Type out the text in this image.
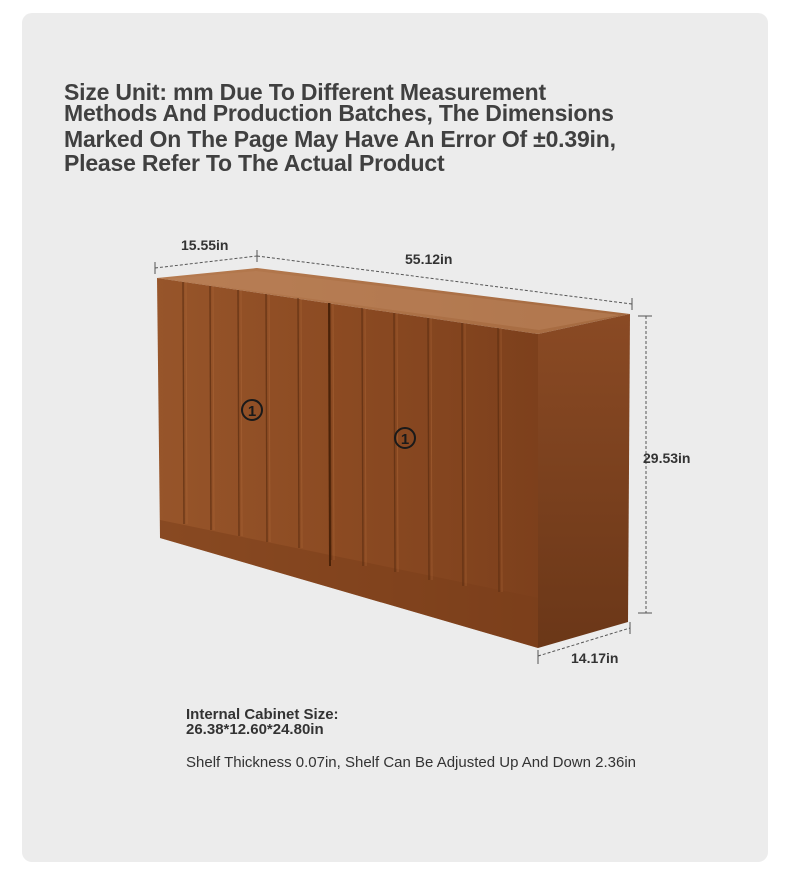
Size Unit: mm Due To Different Measurement
Methods And Production Batches, The Dimensions
Marked On The Page May Have An Error Of ±0.39in,
Please Refer To The Actual Product
1
1
15.55in
55.12in
29.53in
14.17in
Internal Cabinet Size:
26.38*12.60*24.80in
Shelf Thickness 0.07in, Shelf Can Be Adjusted Up And Down 2.36in
